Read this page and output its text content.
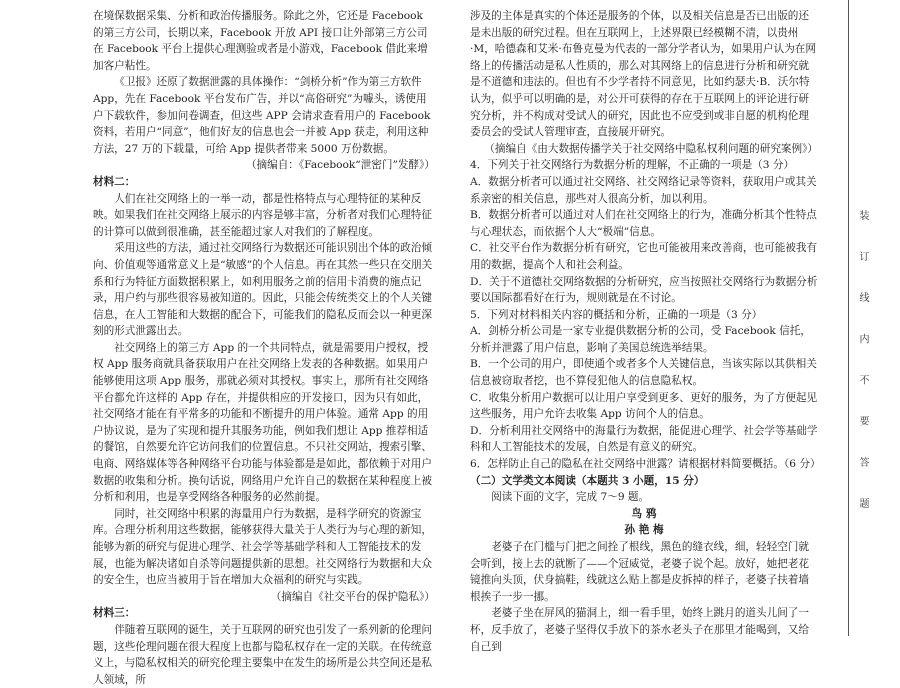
在境保数据采集、分析和政治传播服务。除此之外，它还是 Facebook 的第三方公司，长期以来，Facebook 开放 API 接口让外部第三方公司在 Facebook 平台上提供心理测验或者是小游戏，Facebook 借此来增加客户粘性。

《卫报》还原了数据泄露的具体操作：“剑桥分析”作为第三方软件 App，先在 Facebook 平台发布广告，并以“高俗研究”为噱头，诱使用户下载软件，参加问卷调查，但这些 APP 会请求查看用户的 Facebook 资料，若用户“同意”，他们好友的信息也会一并被 App 获走，利用这种方法，27 万的下载量，可给 App 提供者带来 5000 万份数据。

（摘编自：《Facebook“泄密门”发酵》）

材料二：

人们在社交网络上的一举一动，都是性格特点与心理特征的某种反映。如果我们在社交网络上展示的内容是够丰富，分析者对我们心理特征的计算可以做到很准确，甚至能超过家人对我们的了解程度。

采用这些的方法，通过社交网络行为数据还可能识别出个体的政治倾向、价值观等通常意义上是“敏感”的个人信息。再在其然一些只在交朋关系和行为特征方面数据积累上，如利用服务之前的信用卡消费的施点记录，用户约与那些很容易被知道的。因此，只能会传统类交上的个人关键信息，在人工智能和大数据的配合下，可能我们的隐私反而会以一种更深刻的形式泄露出去。

社交网络上的第三方 App 的一个共同特点，就是需要用户授权，授权 App 服务商就具备获取用户在社交网络上发表的各种数据。如果用户能够使用这项 App 服务，那就必须对其授权。事实上，那所有社交网络平台都允许这样的 App 存在，并提供相应的开发接口，因为只有如此，社交网络才能在有平常多的功能和不断提升的用户体验。通常 App 的用户协议说，是为了实现和提升其服务功能，例如我们想让 App 推荐相适的餐馆，自然要允许它访问我们的位置信息。不只社交网站，搜索引擎、电商、网络媒体等各种网络平台功能与体验都是是如此，都依赖于对用户数据的收集和分析。换句话说，网络用户允许自己的数据在某种程度上被分析和利用，也是享受网络各种服务的必然前提。

同时，社交网络中积累的海量用户行为数据，是科学研究的资源宝库。合理分析利用这些数据，能够获得大量关于人类行为与心理的新知，能够为新的研究与促进心理学、社会学等基础学科和人工智能技术的发展，也能为解决诸如自杀等问题提供新的思想。社交网络行为数据和大众的安全生，也应当被用于旨在增加大众福利的研究与实践。

（摘编自《社交平台的保护隐私》）

材料三：

伴随着互联网的诞生，关于互联网的研究也引发了一系列新的伦理问题，这些伦理问题在很大程度上也都与隐私权存在一定的关联。在传统意义上，与隐私权相关的研究伦理主要集中在发生的场所是公共空间还是私人领域，所

涉及的主体是真实的个体还是服务的个体，以及相关信息是否已出版的还是未出版的研究过程。但在互联网上，上述界限已经模糊不清，以贵州·M，哈德森和艾米·布鲁克曼为代表的一部分学者认为，如果用户认为在网络上的传播活动是私人性质的，那么对其网络上的信息进行分析和研究就是不道德和违法的。但也有不少学者持不同意见，比如约瑟夫·B．沃尔特认为，似乎可以明确的是，对公开可获得的存在于互联网上的评论进行研究分析，并不构成对受试人的研究，因此也不应受到或非自愿的机构伦理委员会的受试人管理审查，直接展开研究。

（摘编自《由大数据传播学关于社交网络中隐私权利问题的研究案例》）

4．下列关于社交网络行为数据分析的理解，不正确的一项是（3 分）

A．数据分析者可以通过社交网络、社交网络记录等资料，获取用户或其关系亲密的相关信息，那些对人很高分析，加以利用。

B．数据分析者可以通过对人们在社交网络上的行为，准确分析其个性特点与心理状态，而依据个人大“极端”信息。

C．社交平台作为数据分析有研究，它也可能被用来改善商，也可能被我有用的数据，提高个人和社会利益。

D．关于不道德社交网络数据的分析研究，应当按照社交网络行为数据分析要以国际都看好在行为，规则就是在不讨论。

5．下列对材料相关内容的概括和分析，正确的一项是（3 分）

A．剑桥分析公司是一家专业提供数据分析的公司，受 Facebook 信托，分析并泄露了用户信息，影响了美国总统选举结果。

B．一个公司的用户，即使通个或者多个人关键信息，当该实际以其供相关信息被窃取者挖，也不算侵犯他人的信息隐私权。

C．收集分析用户数据可以让用户享受到更多、更好的服务，为了方便起见这些服务，用户允许去收集 App 访问个人的信息。

D．分析利用社交网络中的海量行为数据，能促进心理学、社会学等基础学科和人工智能技术的发展，自然是有意义的研究。

6．怎样防止自己的隐私在社交网络中泄露？请根据材料简要概括。（6 分）

（二）文学类文本阅读（本题共 3 小题，15 分）

阅读下面的文字，完成 7～9 题。

鸟 鸦

孙 艳 梅

老婆子在门槛与门把之间拴了根线，黑色的缝衣线，细，轻轻空门就会听到，接上去的就断了——个冠威觉，老婆子说个起。放好，她把老花镜推向头顶，伏身搞鞋，线就这么贴上都是皮拆掉的样子，老婆子扶着墙根挨子一步一挪。

老婆子坐在屏风的猫洞上，细一看手里，始终上跳月的道头儿间了一杯，反手放了，老婆子坚得仅手放下的茶水老头子在那里才能喝到，又给自己到

装 订 线 内 不 要 答 题
